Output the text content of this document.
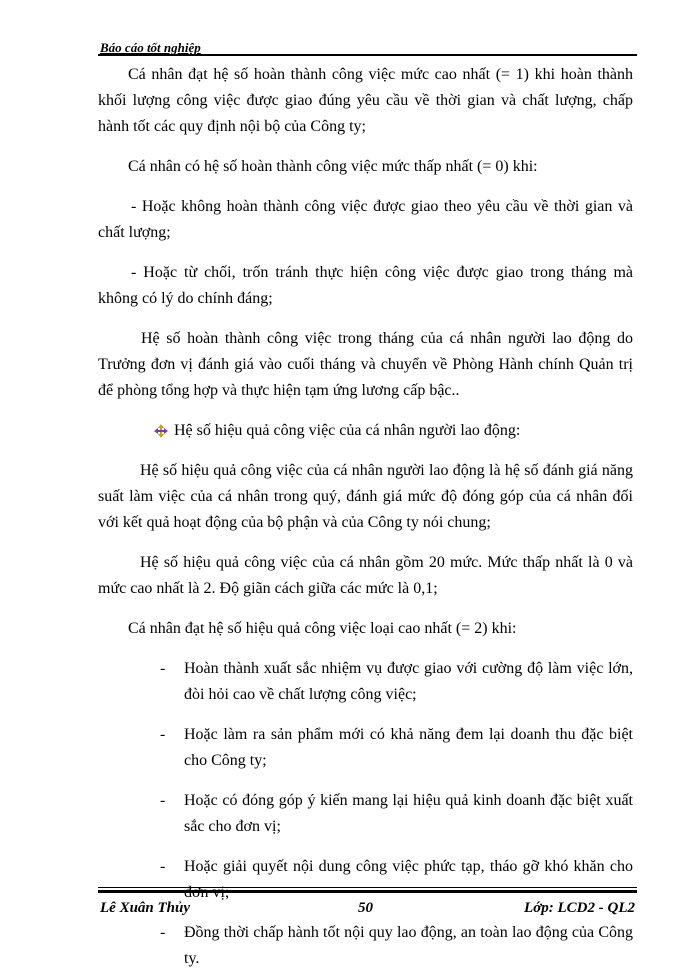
Báo cáo tốt nghiệp

Cá nhân đạt hệ số hoàn thành công việc mức cao nhất (= 1) khi hoàn thành khối lượng công việc được giao đúng yêu cầu về thời gian và chất lượng, chấp hành tốt các quy định nội bộ của Công ty;

Cá nhân có hệ số hoàn thành công việc mức thấp nhất (= 0) khi:

- Hoặc không hoàn thành công việc được giao theo yêu cầu về thời gian và chất lượng;

- Hoặc từ chối, trốn tránh thực hiện công việc được giao trong tháng mà không có lý do chính đáng;

Hệ số hoàn thành công việc trong tháng của cá nhân người lao động do Trưởng đơn vị đánh giá vào cuối tháng và chuyển về Phòng Hành chính Quản trị để phòng tổng hợp và thực hiện tạm ứng lương cấp bậc..

Hệ số hiệu quả công việc của cá nhân người lao động:

Hệ số hiệu quả công việc của cá nhân người lao động là hệ số đánh giá năng suất làm việc của cá nhân trong quý, đánh giá mức độ đóng góp của cá nhân đối với kết quả hoạt động của bộ phận và của Công ty nói chung;

Hệ số hiệu quả công việc của cá nhân gồm 20 mức. Mức thấp nhất là 0 và mức cao nhất là 2. Độ giãn cách giữa các mức là 0,1;

Cá nhân đạt hệ số hiệu quả công việc loại cao nhất (= 2) khi:

-	Hoàn thành xuất sắc nhiệm vụ được giao với cường độ làm việc lớn, đòi hỏi cao về chất lượng công việc;
-	Hoặc làm ra sản phẩm mới có khả năng đem lại doanh thu đặc biệt cho Công ty;
-	Hoặc có đóng góp ý kiến mang lại hiệu quả kinh doanh đặc biệt xuất sắc cho đơn vị;
-	Hoặc giải quyết nội dung công việc phức tạp, tháo gỡ khó khăn cho đơn vị;
-	Đồng thời chấp hành tốt nội quy lao động, an toàn lao động của Công ty.
Lê Xuân Thủy	50	Lớp: LCD2 - QL2
